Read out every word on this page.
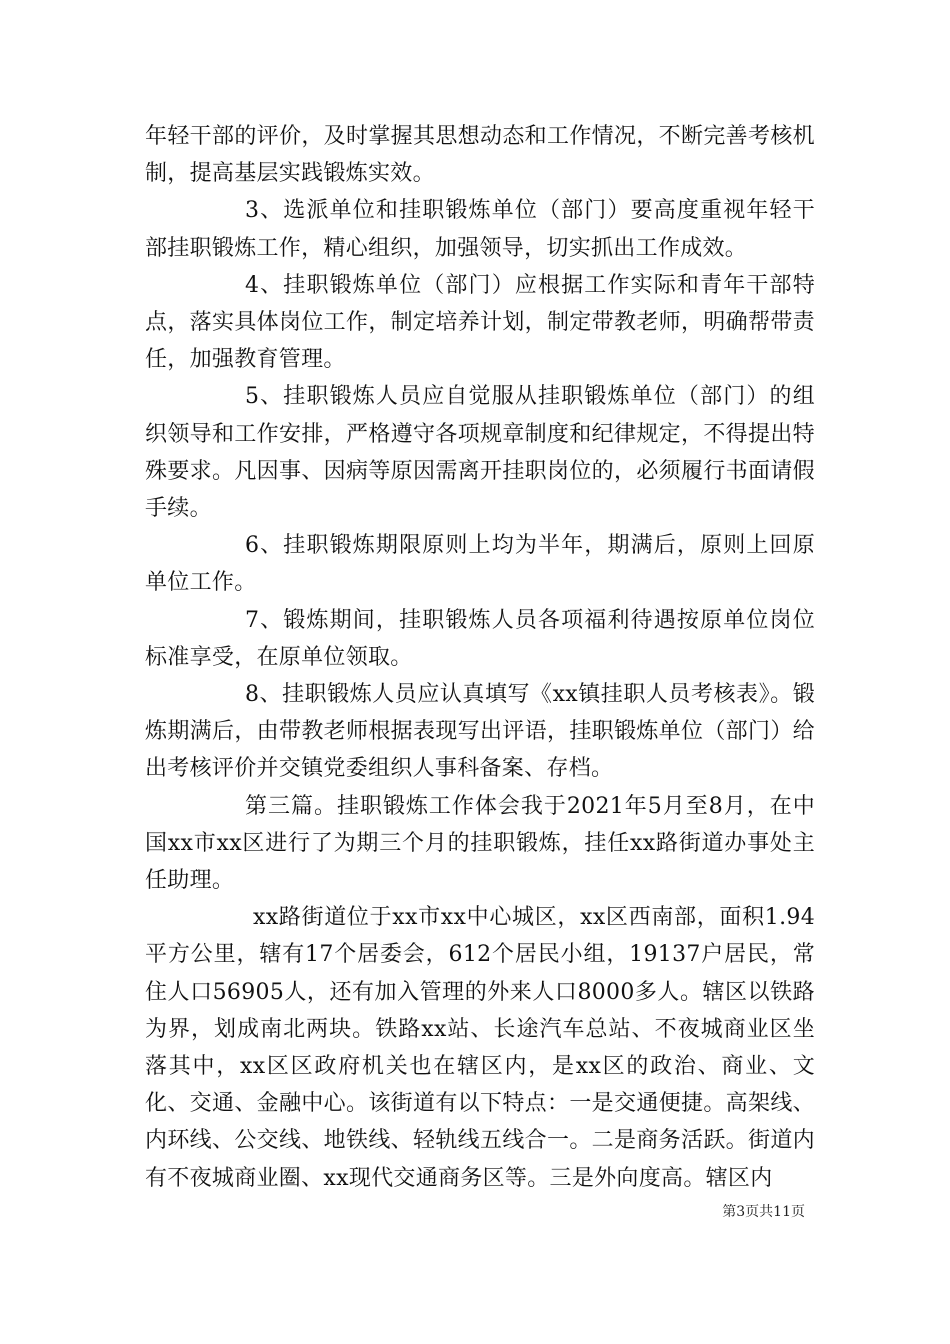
年轻干部的评价，及时掌握其思想动态和工作情况，不断完善考核机制，提高基层实践锻炼实效。

3、选派单位和挂职锻炼单位（部门）要高度重视年轻干部挂职锻炼工作，精心组织，加强领导，切实抓出工作成效。

4、挂职锻炼单位（部门）应根据工作实际和青年干部特点，落实具体岗位工作，制定培养计划，制定带教老师，明确帮带责任，加强教育管理。

5、挂职锻炼人员应自觉服从挂职锻炼单位（部门）的组织领导和工作安排，严格遵守各项规章制度和纪律规定，不得提出特殊要求。凡因事、因病等原因需离开挂职岗位的，必须履行书面请假手续。

6、挂职锻炼期限原则上均为半年，期满后，原则上回原单位工作。

7、锻炼期间，挂职锻炼人员各项福利待遇按原单位岗位标准享受，在原单位领取。

8、挂职锻炼人员应认真填写《xx镇挂职人员考核表》。锻炼期满后，由带教老师根据表现写出评语，挂职锻炼单位（部门）给出考核评价并交镇党委组织人事科备案、存档。

第三篇。挂职锻炼工作体会我于2021年5月至8月，在中国xx市xx区进行了为期三个月的挂职锻炼，挂任xx路街道办事处主任助理。

xx路街道位于xx市xx中心城区，xx区西南部，面积1.94平方公里，辖有17个居委会，612个居民小组，19137户居民，常住人口56905人，还有加入管理的外来人口8000多人。辖区以铁路为界，划成南北两块。铁路xx站、长途汽车总站、不夜城商业区坐落其中，xx区区政府机关也在辖区内，是xx区的政治、商业、文化、交通、金融中心。该街道有以下特点：一是交通便捷。高架线、内环线、公交线、地铁线、轻轨线五线合一。二是商务活跃。街道内有不夜城商业圈、xx现代交通商务区等。三是外向度高。辖区内

第3页共11页
